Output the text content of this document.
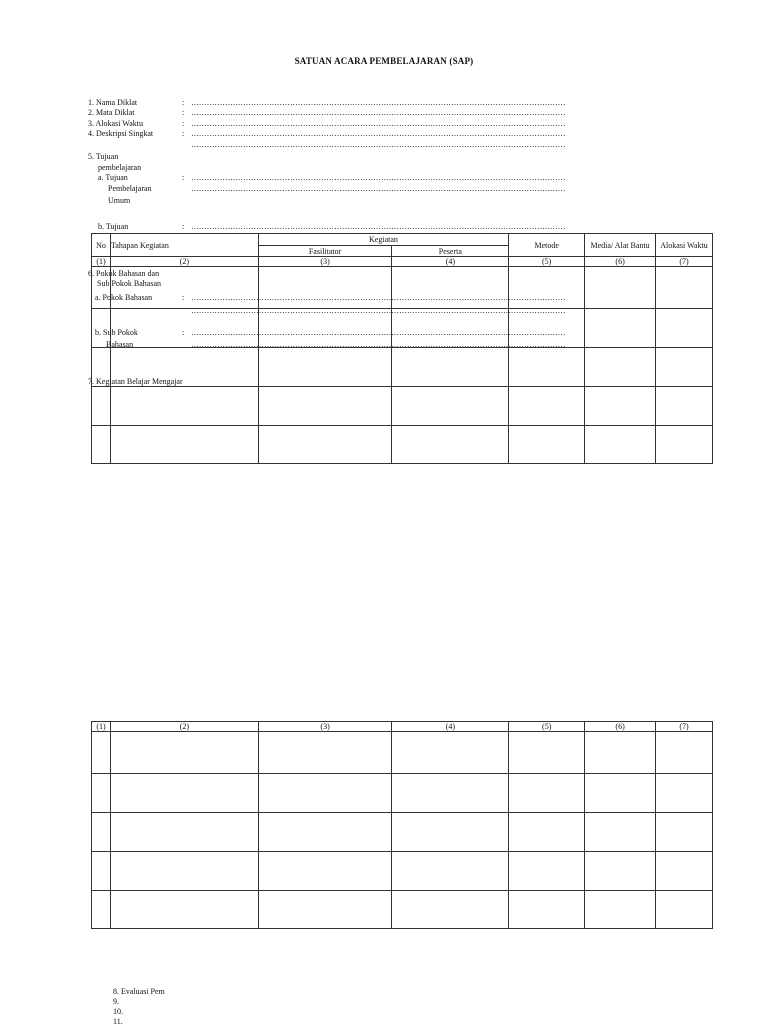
SATUAN ACARA PEMBELAJARAN (SAP)
1. Nama Diklat	: ………………………………………………………………………………………………………………………………
2. Mata Diklat	: ………………………………………………………………………………………………………………………………
3. Alokasi Waktu	: ………………………………………………………………………………………………………………………………
4. Deskripsi Singkat	: ………………………………………………………………………………………………………………………………
………………………………………………………………………………………………………………………………
5. Tujuan
pembelajaran
a. Tujuan	: ………………………………………………………………………………………………………………………………
Pembelajaran	………………………………………………………………………………………………………………………………
Umum
b. Tujuan	: ………………………………………………………………………………………………………………………………
No	Tahapan Kegiatan	Kegiatan		Metode	Media/ Alat Bantu	Alokasi Waktu
		Fasilitator	Peserta			
(1)	(2)	(3)	(4)	(5)	(6)	(7)

6. Pokok Bahasan dan
Sub Pokok Bahasan
a. Pokok Bahasan	: ………………………………………………………………………………………………………………………………
………………………………………………………………………………………………………………………………
b. Sub Pokok	: ………………………………………………………………………………………………………………………………
Bahasan	………………………………………………………………………………………………………………………………
7. Kegiatan Belajar Mengajar
(1)	(2)	(3)	(4)	(5)	(6)	(7)

8. Evaluasi Pem
9.
10.
11.
